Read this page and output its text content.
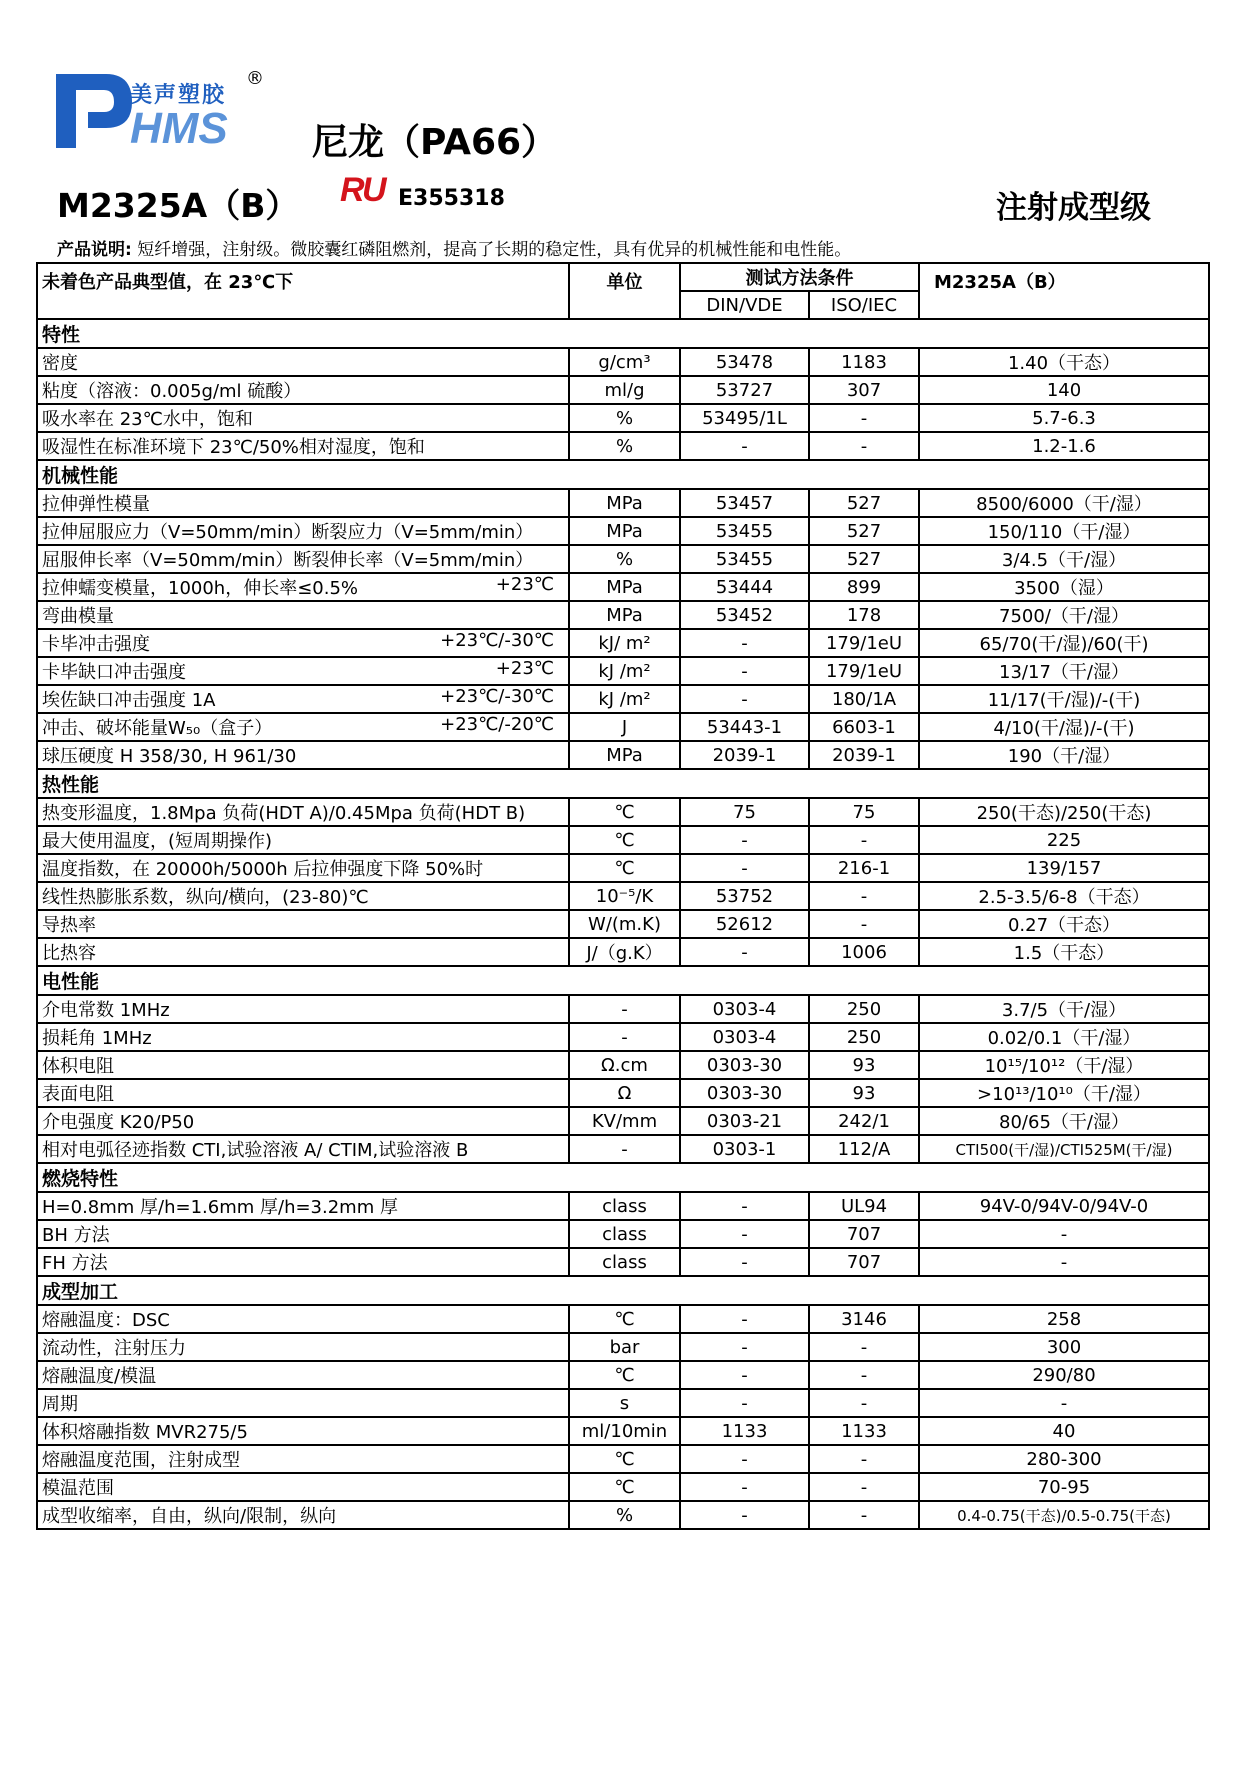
美声塑胶
HMS
®
尼龙（PA66）
M2325A（B） R
U E355318	注射成型级
产品说明: 短纤增强，注射级。微胶囊红磷阻燃剂，提高了长期的稳定性，具有优异的机械性能和电性能。
未着色产品典型值，在 23℃下	单位	测试方法条件		M2325A（B）
		DIN/VDE	ISO/IEC	
特性				

密度	g/cm³	53478	1183	1.40（干态）

粘度（溶液：0.005g/ml 硫酸）	ml/g	53727	307	140

吸水率在 23℃水中，饱和	%	53495/1L	-	5.7-6.3

吸湿性在标准环境下 23℃/50%相对湿度，饱和	%	-	-	1.2-1.6
机械性能				

拉伸弹性模量	MPa	53457	527	8500/6000（干/湿）

拉伸屈服应力（V=50mm/min）断裂应力（V=5mm/min）	MPa	53455	527	150/110（干/湿）

屈服伸长率（V=50mm/min）断裂伸长率（V=5mm/min）	%	53455	527	3/4.5（干/湿）

拉伸蠕变模量，1000h，伸长率≤0.5% +23℃	MPa	53444	899	3500（湿）

弯曲模量	MPa	53452	178	7500/（干/湿）

卡毕冲击强度 +23℃/-30℃	kJ/ m²	-	179/1eU	65/70(干/湿)/60(干)

卡毕缺口冲击强度 +23℃	kJ /m²	-	179/1eU	13/17（干/湿）

埃佐缺口冲击强度 1A +23℃/-30℃	kJ /m²	-	180/1A	11/17(干/湿)/-(干)

冲击、破坏能量W₅₀（盒子） +23℃/-20℃	J	53443-1	6603-1	4/10(干/湿)/-(干)

球压硬度 H 358/30, H 961/30	MPa	2039-1	2039-1	190（干/湿）
热性能				

热变形温度，1.8Mpa 负荷(HDT A)/0.45Mpa 负荷(HDT B)	℃	75	75	250(干态)/250(干态)

最大使用温度，(短周期操作)	℃	-	-	225

温度指数，在 20000h/5000h 后拉伸强度下降 50%时	℃	-	216-1	139/157

线性热膨胀系数，纵向/横向，(23-80)℃	10⁻⁵/K	53752	-	2.5-3.5/6-8（干态）

导热率	W/(m.K)	52612	-	0.27（干态）

比热容	J/（g.K）	-	1006	1.5（干态）
电性能				

介电常数 1MHz	-	0303-4	250	3.7/5（干/湿）

损耗角 1MHz	-	0303-4	250	0.02/0.1（干/湿）

体积电阻	Ω.cm	0303-30	93	10¹⁵/10¹²（干/湿）

表面电阻	Ω	0303-30	93	>10¹³/10¹⁰（干/湿）

介电强度 K20/P50	KV/mm	0303-21	242/1	80/65（干/湿）

相对电弧径迹指数 CTI,试验溶液 A/ CTIM,试验溶液 B	-	0303-1	112/A	CTI500(干/湿)/CTI525M(干/湿)
燃烧特性				

H=0.8mm 厚/h=1.6mm 厚/h=3.2mm 厚	class	-	UL94	94V-0/94V-0/94V-0

BH 方法	class	-	707	-

FH 方法	class	-	707	-
成型加工				

熔融温度：DSC	℃	-	3146	258

流动性，注射压力	bar	-	-	300

熔融温度/模温	℃	-	-	290/80

周期	s	-	-	-

体积熔融指数 MVR275/5	ml/10min	1133	1133	40

熔融温度范围，注射成型	℃	-	-	280-300

模温范围	℃	-	-	70-95

成型收缩率，自由，纵向/限制，纵向	%	-	-	0.4-0.75(干态)/0.5-0.75(干态)
